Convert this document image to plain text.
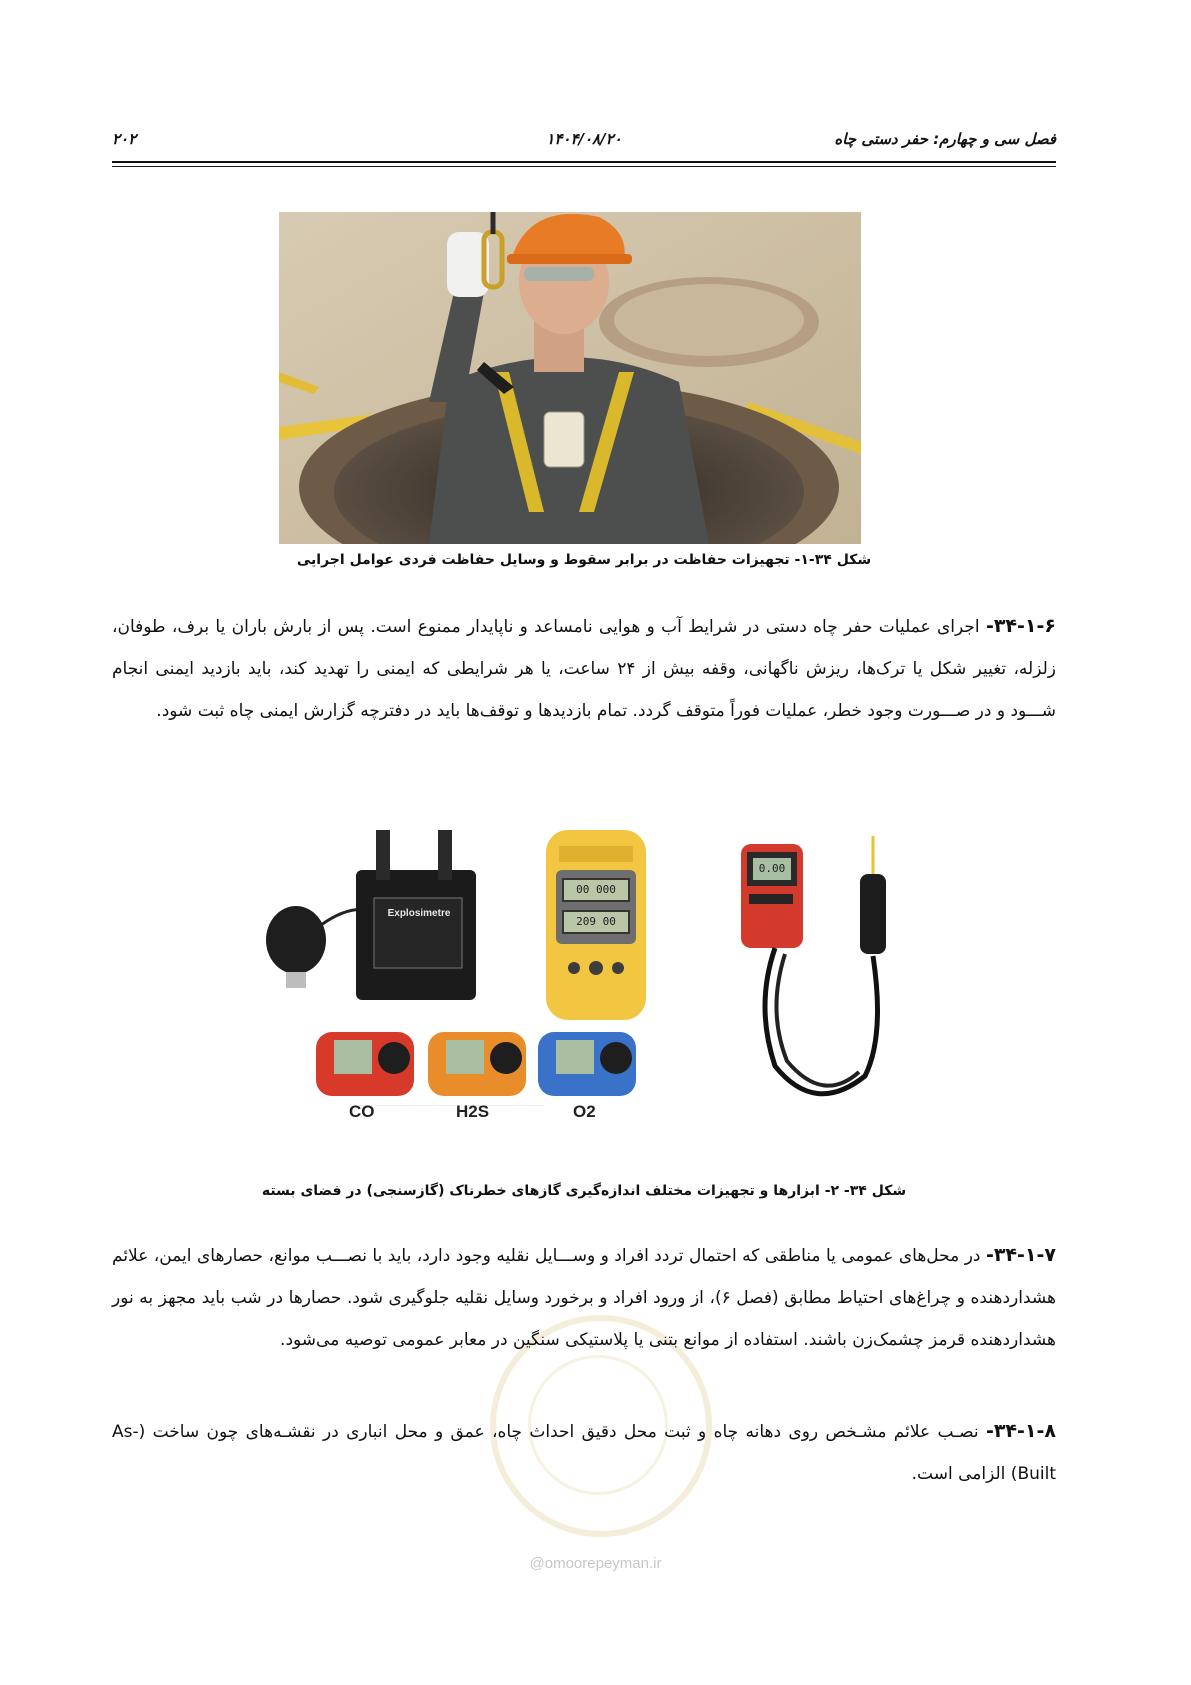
فصل سی و چهارم: حفر دستی چاه
۱۴۰۴/۰۸/۲۰
۲۰۲
شکل ۳۴-۱- تجهیزات حفاظت در برابر سقوط و وسایل حفاظت فردی عوامل اجرایی
۳۴-۱-۶- اجرای عملیات حفر چاه دستی در شرایط آب و هوایی نامساعد و ناپایدار ممنوع است. پس از بارش باران یا برف، طوفان، زلزله، تغییر شکل یا ترک‌ها، ریزش ناگهانی، وقفه بیش از ۲۴ ساعت، یا هر شرایطی که ایمنی را تهدید کند، باید بازدید ایمنی انجام شـــود و در صـــورت وجود خطر، عملیات فوراً متوقف گردد. تمام بازدیدها و توقف‌ها باید در دفترچه گزارش ایمنی چاه ثبت شود.
Explosimetre
00 000
209 00
CO	H2S	O2
0.00
شکل ۳۴- ۲- ابزارها و تجهیزات مختلف اندازه‌گیری گازهای خطرناک (گازسنجی) در فضای بسته
۳۴-۱-۷- در محل‌های عمومی یا مناطقی که احتمال تردد افراد و وســـایل نقلیه وجود دارد، باید با نصـــب موانع، حصارهای ایمن، علائم هشداردهنده و چراغ‌های احتیاط مطابق (فصل ۶)، از ورود افراد و برخورد وسایل نقلیه جلوگیری شود. حصارها در شب باید مجهز به نور هشداردهنده قرمز چشمک‌زن باشند. استفاده از موانع بتنی یا پلاستیکی سنگین در معابر عمومی توصیه می‌شود.
۳۴-۱-۸- نصـب علائم مشـخص روی دهانه چاه و ثبت محل دقیق احداث چاه، عمق و محل انباری در نقشـه‌های چون ساخت (As-Built) الزامی است.
@omoorepeyman.ir
